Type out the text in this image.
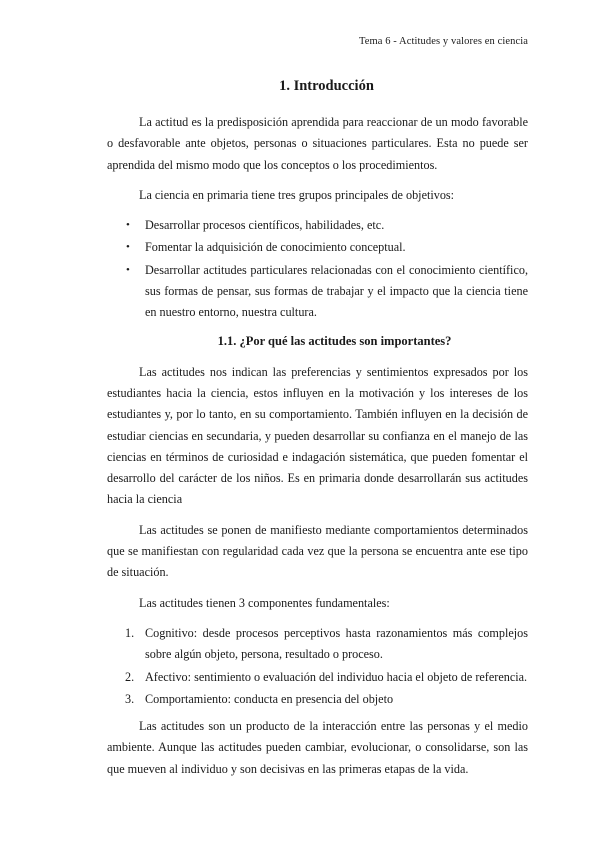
Tema 6 - Actitudes y valores en ciencia
1. Introducción

La actitud es la predisposición aprendida para reaccionar de un modo favorable o desfavorable ante objetos, personas o situaciones particulares. Esta no puede ser aprendida del mismo modo que los conceptos o los procedimientos.

La ciencia en primaria tiene tres grupos principales de objetivos:

• Desarrollar procesos científicos, habilidades, etc.
• Fomentar la adquisición de conocimiento conceptual.
• Desarrollar actitudes particulares relacionadas con el conocimiento científico, sus formas de pensar, sus formas de trabajar y el impacto que la ciencia tiene en nuestro entorno, nuestra cultura.
1.1. ¿Por qué las actitudes son importantes?

Las actitudes nos indican las preferencias y sentimientos expresados por los estudiantes hacia la ciencia, estos influyen en la motivación y los intereses de los estudiantes y, por lo tanto, en su comportamiento. También influyen en la decisión de estudiar ciencias en secundaria, y pueden desarrollar su confianza en el manejo de las ciencias en términos de curiosidad e indagación sistemática, que pueden fomentar el desarrollo del carácter de los niños. Es en primaria donde desarrollarán sus actitudes hacia la ciencia

Las actitudes se ponen de manifiesto mediante comportamientos determinados que se manifiestan con regularidad cada vez que la persona se encuentra ante ese tipo de situación.

Las actitudes tienen 3 componentes fundamentales:

1. Cognitivo: desde procesos perceptivos hasta razonamientos más complejos sobre algún objeto, persona, resultado o proceso.
2. Afectivo: sentimiento o evaluación del individuo hacia el objeto de referencia.
3. Comportamiento: conducta en presencia del objeto

Las actitudes son un producto de la interacción entre las personas y el medio ambiente. Aunque las actitudes pueden cambiar, evolucionar, o consolidarse, son las que mueven al individuo y son decisivas en las primeras etapas de la vida.
